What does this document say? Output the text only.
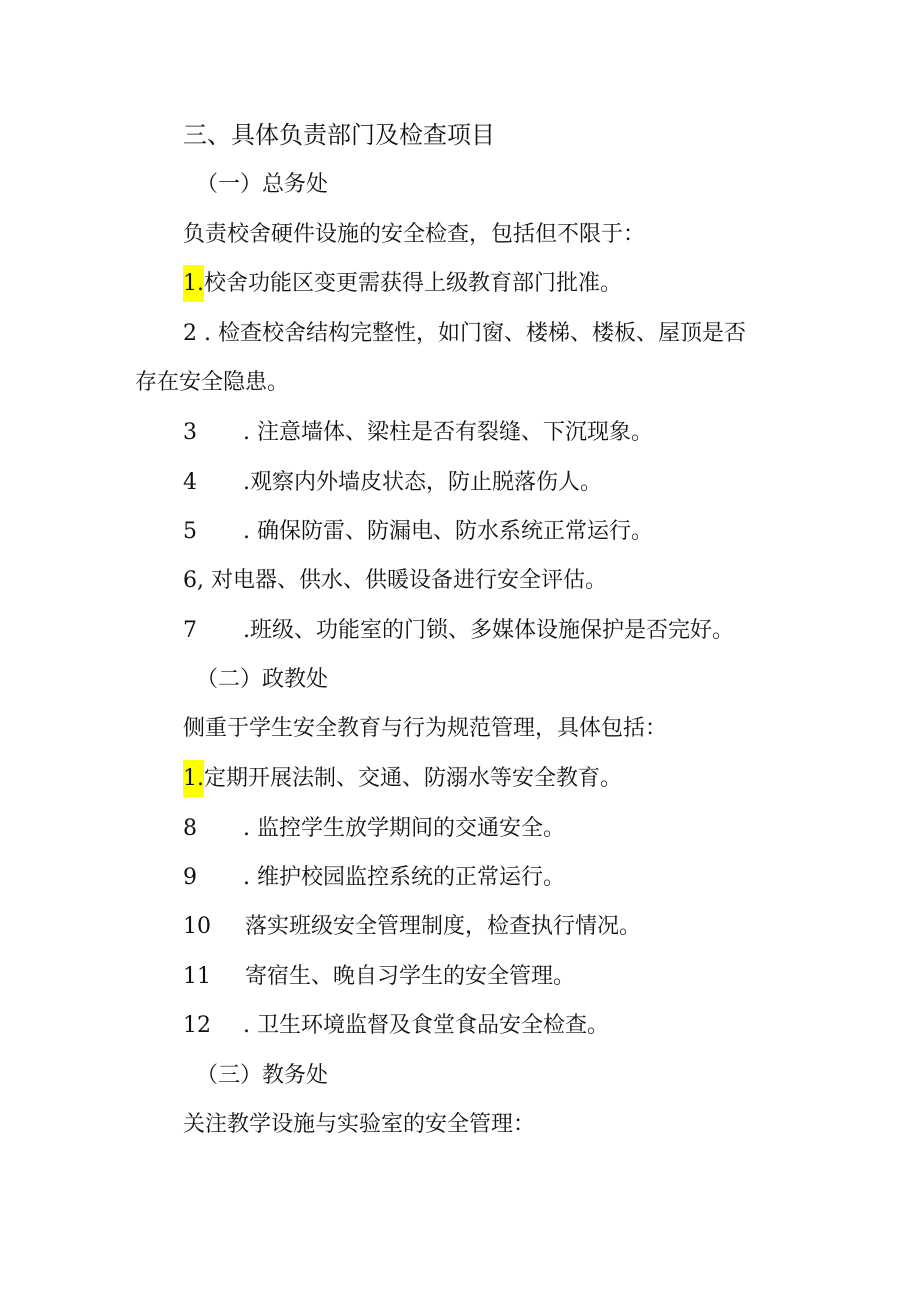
三、具体负责部门及检查项目
（一）总务处
负责校舍硬件设施的安全检查，包括但不限于：
1.校舍功能区变更需获得上级教育部门批准。
2 . 检查校舍结构完整性，如门窗、楼梯、楼板、屋顶是否
存在安全隐患。
3 . 注意墙体、梁柱是否有裂缝、下沉现象。
4 .观察内外墙皮状态，防止脱落伤人。
5 . 确保防雷、防漏电、防水系统正常运行。
6, 对电器、供水、供暖设备进行安全评估。
7 .班级、功能室的门锁、多媒体设施保护是否完好。
（二）政教处
侧重于学生安全教育与行为规范管理，具体包括：
1.定期开展法制、交通、防溺水等安全教育。
8 . 监控学生放学期间的交通安全。
9 . 维护校园监控系统的正常运行。
10 落实班级安全管理制度，检查执行情况。
11 寄宿生、晚自习学生的安全管理。
12 . 卫生环境监督及食堂食品安全检查。
（三）教务处
关注教学设施与实验室的安全管理：
